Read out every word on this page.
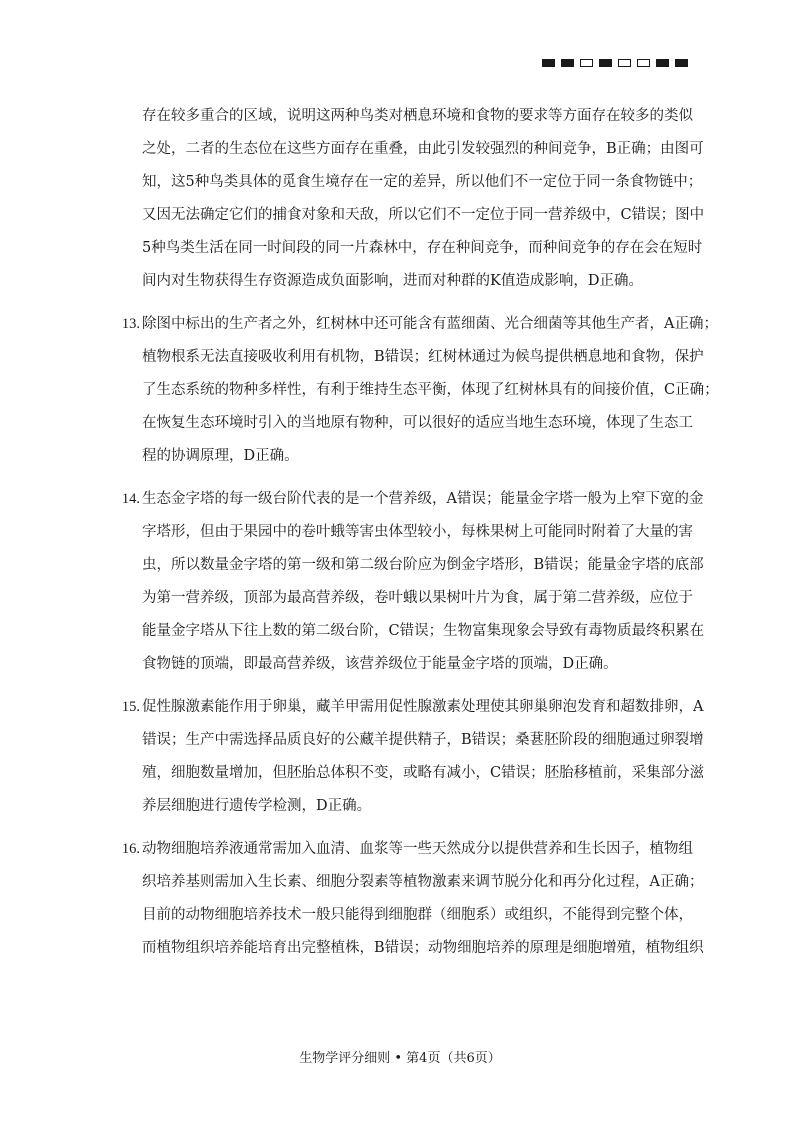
存在较多重合的区域，说明这两种鸟类对栖息环境和食物的要求等方面存在较多的类似
之处，二者的生态位在这些方面存在重叠，由此引发较强烈的种间竞争，B正确；由图可
知，这5种鸟类具体的觅食生境存在一定的差异，所以他们不一定位于同一条食物链中；
又因无法确定它们的捕食对象和天敌，所以它们不一定位于同一营养级中，C错误；图中
5种鸟类生活在同一时间段的同一片森林中，存在种间竞争，而种间竞争的存在会在短时
间内对生物获得生存资源造成负面影响，进而对种群的K值造成影响，D正确。
13. 除图中标出的生产者之外，红树林中还可能含有蓝细菌、光合细菌等其他生产者，A正确；
植物根系无法直接吸收利用有机物，B错误；红树林通过为候鸟提供栖息地和食物，保护
了生态系统的物种多样性，有利于维持生态平衡，体现了红树林具有的间接价值，C正确；
在恢复生态环境时引入的当地原有物种，可以很好的适应当地生态环境，体现了生态工
程的协调原理，D正确。
14. 生态金字塔的每一级台阶代表的是一个营养级，A错误；能量金字塔一般为上窄下宽的金
字塔形，但由于果园中的卷叶蛾等害虫体型较小，每株果树上可能同时附着了大量的害
虫，所以数量金字塔的第一级和第二级台阶应为倒金字塔形，B错误；能量金字塔的底部
为第一营养级，顶部为最高营养级，卷叶蛾以果树叶片为食，属于第二营养级，应位于
能量金字塔从下往上数的第二级台阶，C错误；生物富集现象会导致有毒物质最终积累在
食物链的顶端，即最高营养级，该营养级位于能量金字塔的顶端，D正确。
15. 促性腺激素能作用于卵巢，藏羊甲需用促性腺激素处理使其卵巢卵泡发育和超数排卵，A
错误；生产中需选择品质良好的公藏羊提供精子，B错误；桑葚胚阶段的细胞通过卵裂增
殖，细胞数量增加，但胚胎总体积不变，或略有减小，C错误；胚胎移植前，采集部分滋
养层细胞进行遗传学检测，D正确。
16. 动物细胞培养液通常需加入血清、血浆等一些天然成分以提供营养和生长因子，植物组
织培养基则需加入生长素、细胞分裂素等植物激素来调节脱分化和再分化过程，A正确；
目前的动物细胞培养技术一般只能得到细胞群（细胞系）或组织，不能得到完整个体，
而植物组织培养能培育出完整植株，B错误；动物细胞培养的原理是细胞增殖，植物组织
生物学评分细则 • 第4页（共6页）
